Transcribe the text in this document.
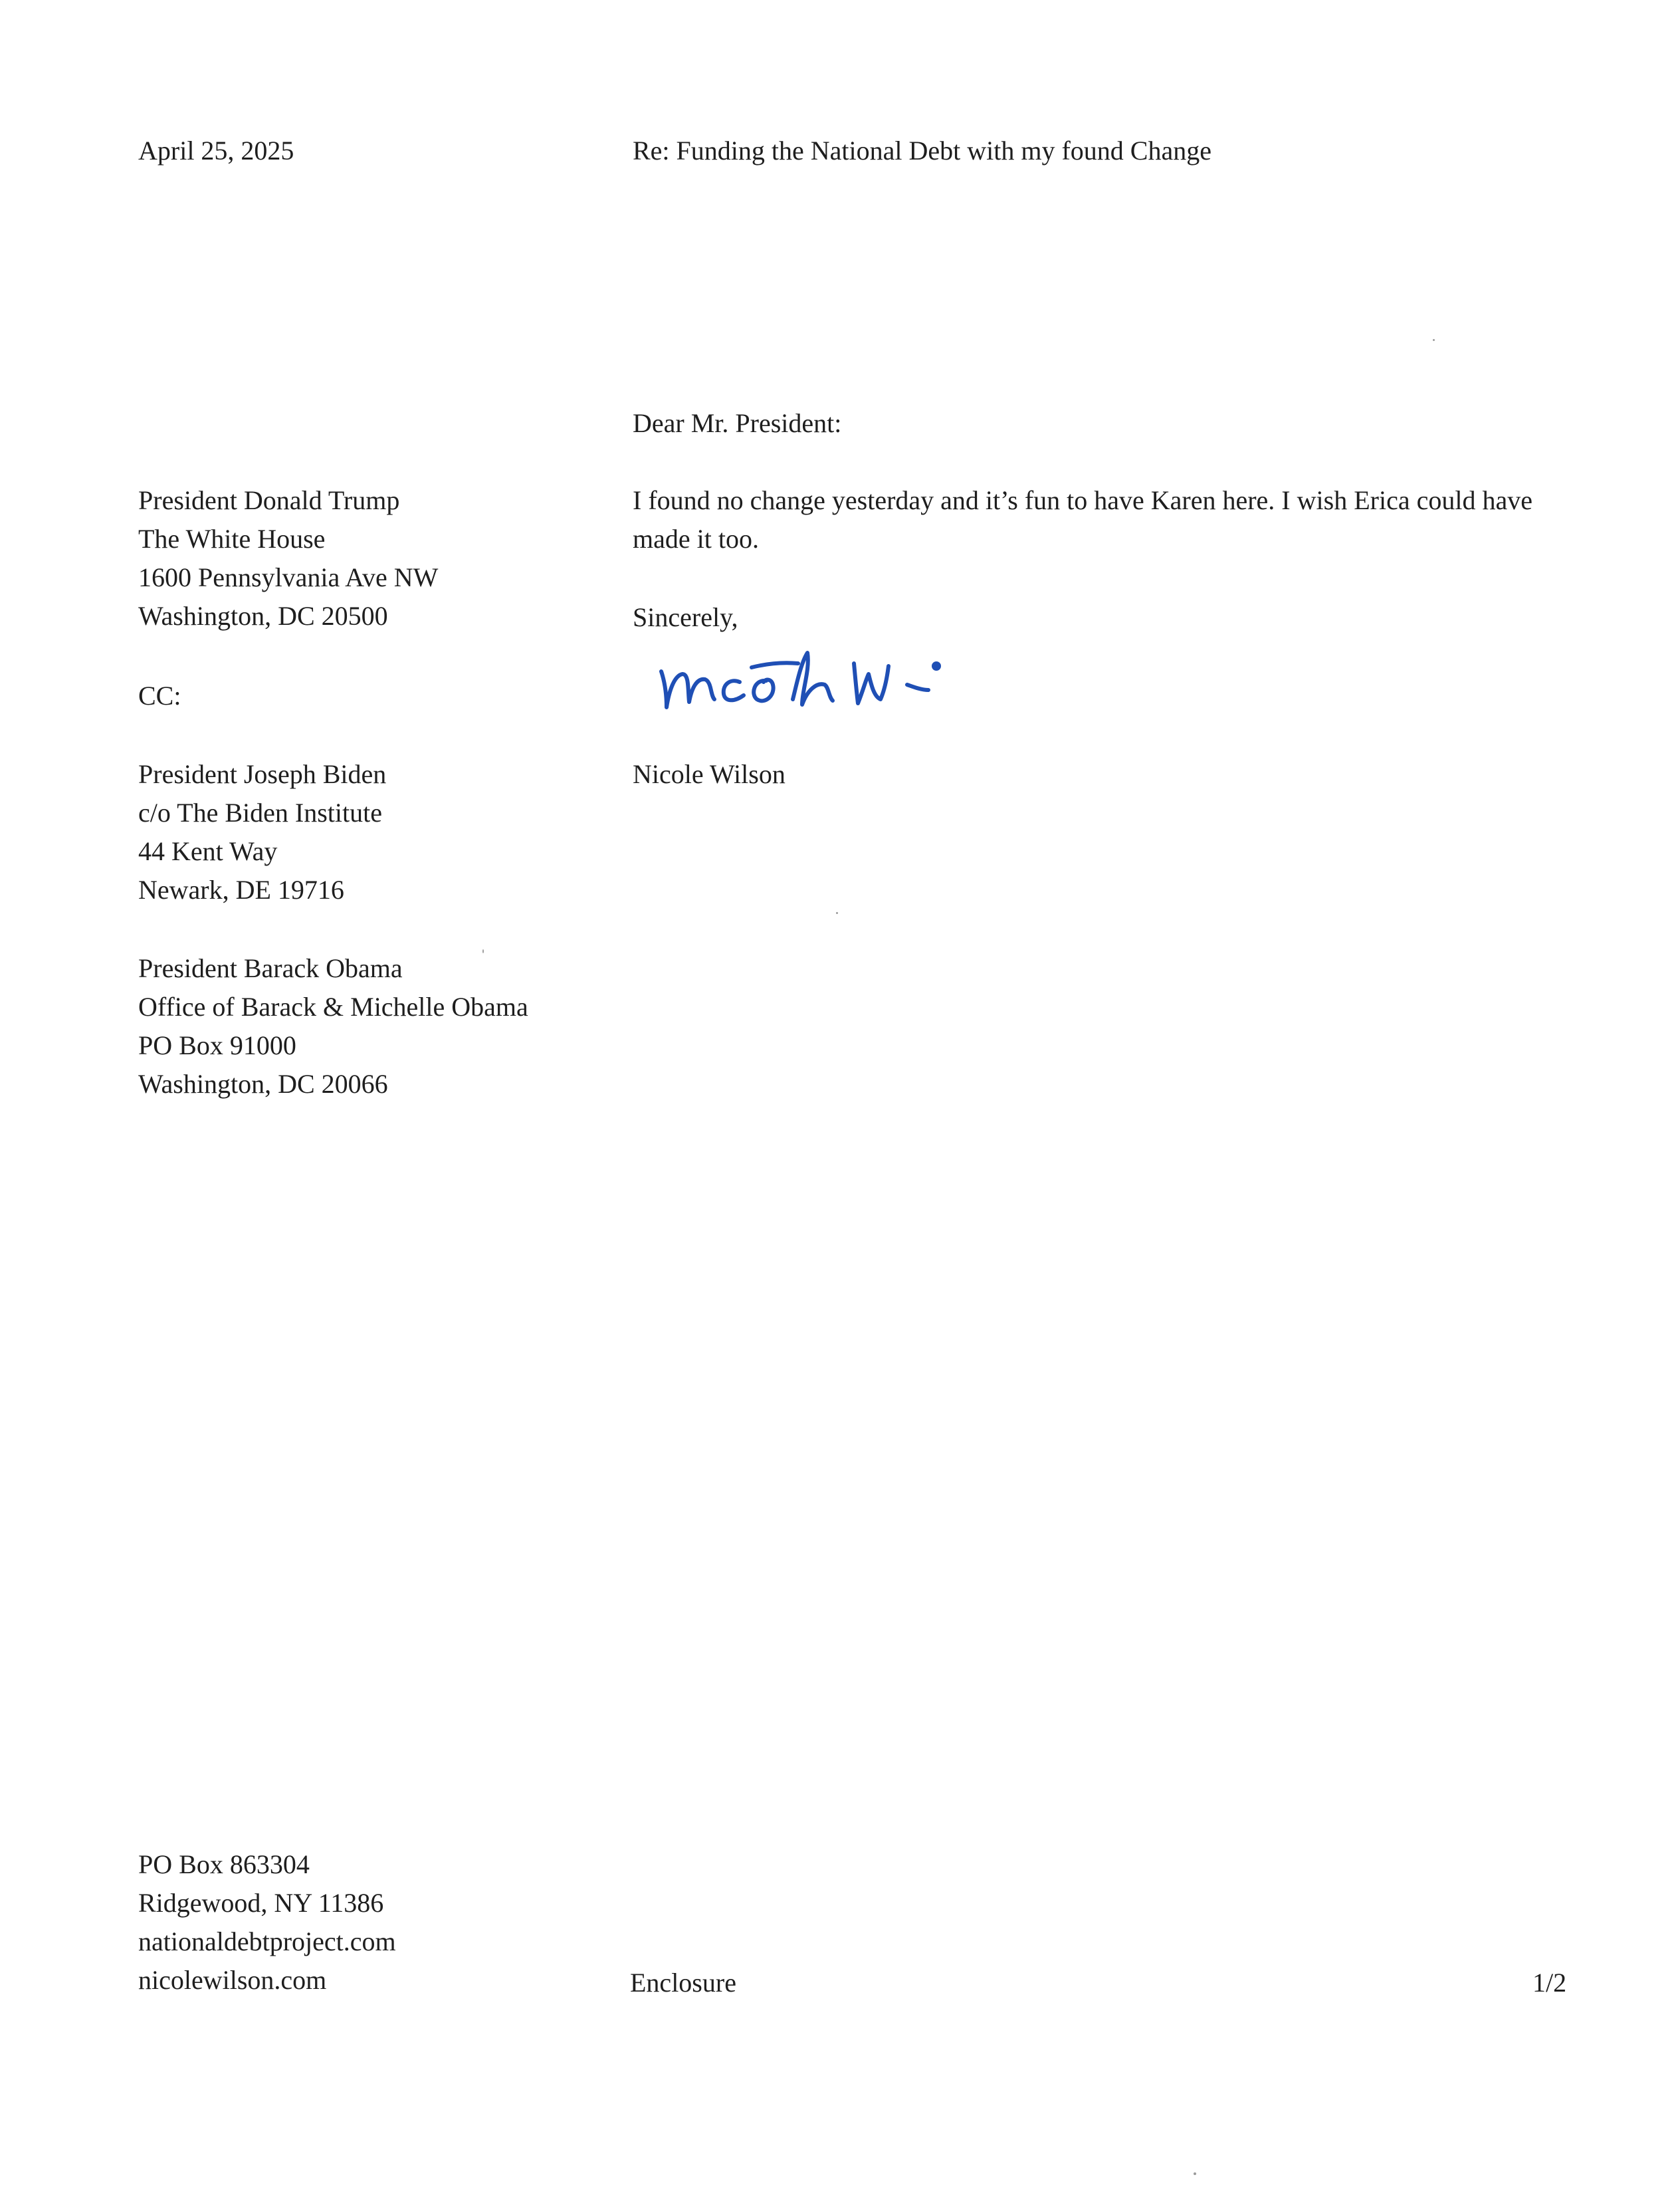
April 25, 2025	Re: Funding the National Debt with my found Change

Dear Mr. President:

I found no change yesterday and it’s fun to have Karen here. I wish Erica could have made it too.

Sincerely,

Nicole Wilson

President Donald Trump
The White House
1600 Pennsylvania Ave NW
Washington, DC 20500

CC:

President Joseph Biden
c/o The Biden Institute
44 Kent Way
Newark, DE 19716
President Barack Obama
Office of Barack & Michelle Obama
PO Box 91000
Washington, DC 20066
PO Box 863304
Ridgewood, NY 11386
nationaldebtproject.com
nicolewilson.com	Enclosure	1/2
